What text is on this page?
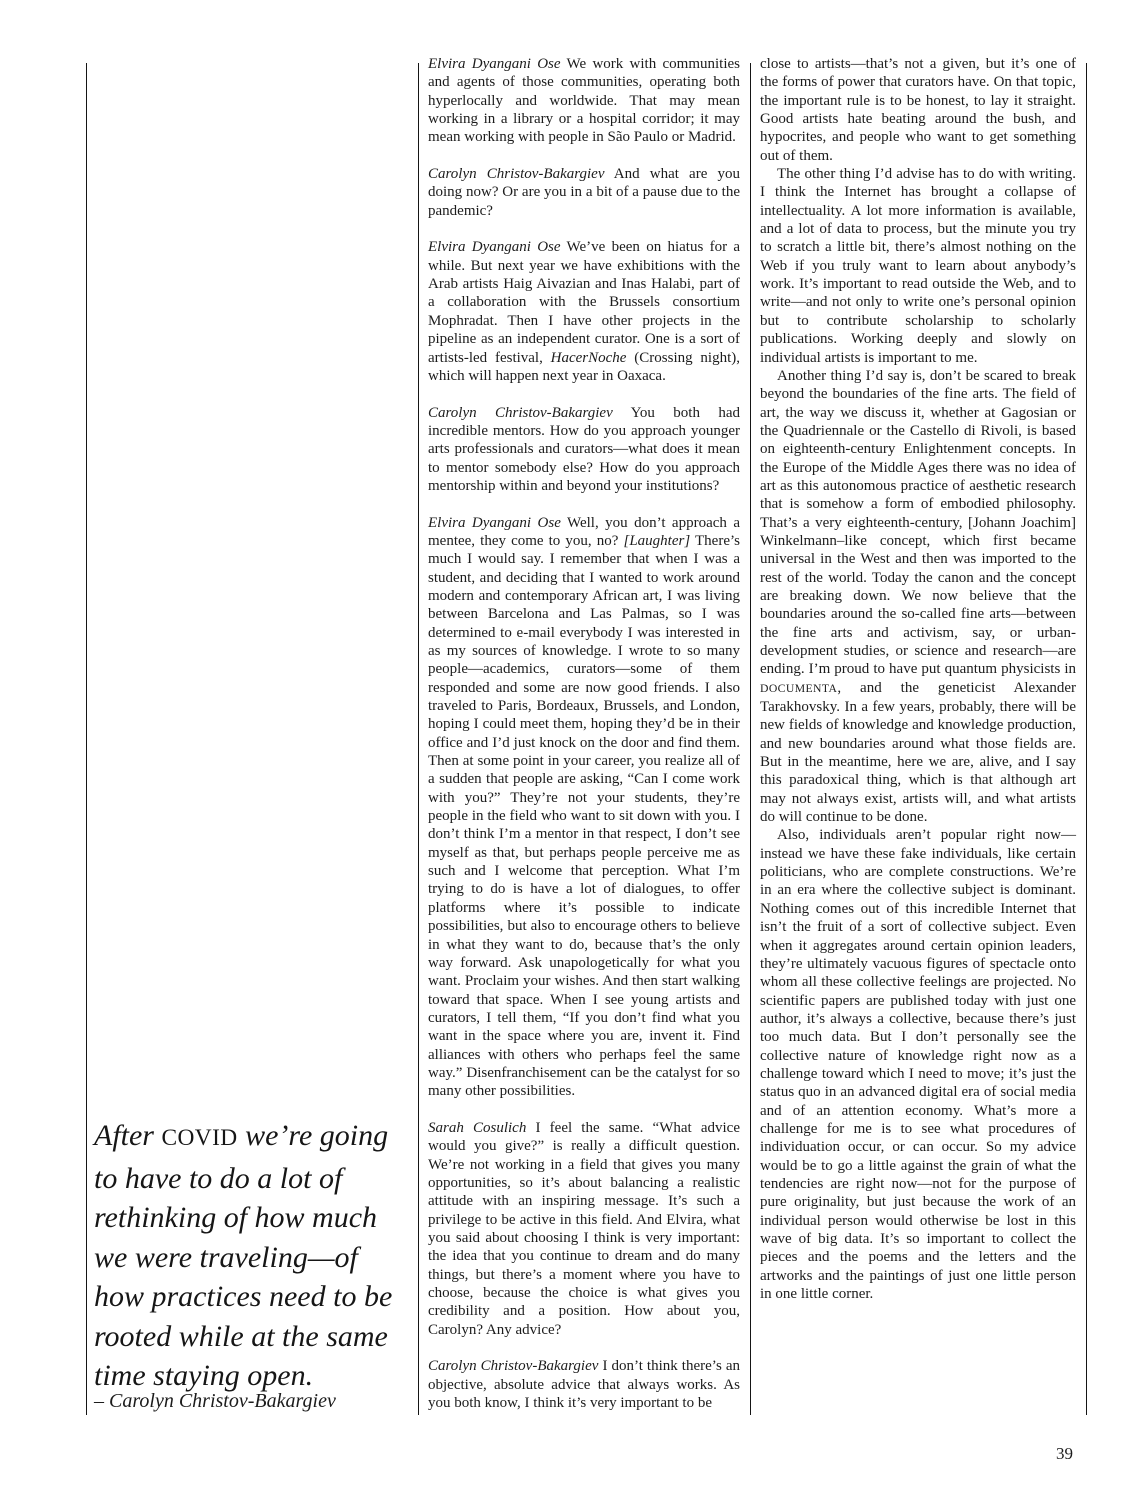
After COVID we’re going
to have to do a lot of
rethinking of how much
we were traveling—of
how practices need to be
rooted while at the same
time staying open.
– Carolyn Christov-Bakargiev

Elvira Dyangani Ose We work with communities and agents of those communities, operating both hyperlocally and worldwide. That may mean working in a library or a hospital corridor; it may mean working with people in São Paulo or Madrid.

Carolyn Christov-Bakargiev And what are you doing now? Or are you in a bit of a pause due to the pandemic?

Elvira Dyangani Ose We’ve been on hiatus for a while. But next year we have exhibitions with the Arab artists Haig Aivazian and Inas Halabi, part of a collaboration with the Brussels consortium Mophradat. Then I have other projects in the pipeline as an independent curator. One is a sort of artists-led festival, HacerNoche (Crossing night), which will happen next year in Oaxaca.

Carolyn Christov-Bakargiev You both had incredible mentors. How do you approach younger arts professionals and curators—what does it mean to mentor somebody else? How do you approach mentorship within and beyond your institutions?

Elvira Dyangani Ose Well, you don’t approach a mentee, they come to you, no? [Laughter] There’s much I would say. I remember that when I was a student, and deciding that I wanted to work around modern and contemporary African art, I was living between Barcelona and Las Palmas, so I was determined to e-mail everybody I was interested in as my sources of knowledge. I wrote to so many people—academics, curators—some of them responded and some are now good friends. I also traveled to Paris, Bordeaux, Brussels, and London, hoping I could meet them, hoping they’d be in their office and I’d just knock on the door and find them. Then at some point in your career, you realize all of a sudden that people are asking, “Can I come work with you?” They’re not your students, they’re people in the field who want to sit down with you. I don’t think I’m a mentor in that respect, I don’t see myself as that, but perhaps people perceive me as such and I welcome that perception. What I’m trying to do is have a lot of dialogues, to offer platforms where it’s possible to indicate possibilities, but also to encourage others to believe in what they want to do, because that’s the only way forward. Ask unapologetically for what you want. Proclaim your wishes. And then start walking toward that space. When I see young artists and curators, I tell them, “If you don’t find what you want in the space where you are, invent it. Find alliances with others who perhaps feel the same way.” Disenfranchisement can be the catalyst for so many other possibilities.

Sarah Cosulich I feel the same. “What advice would you give?” is really a difficult question. We’re not working in a field that gives you many opportunities, so it’s about balancing a realistic attitude with an inspiring message. It’s such a privilege to be active in this field. And Elvira, what you said about choosing I think is very important: the idea that you continue to dream and do many things, but there’s a moment where you have to choose, because the choice is what gives you credibility and a position. How about you, Carolyn? Any advice?

Carolyn Christov-Bakargiev I don’t think there’s an objective, absolute advice that always works. As you both know, I think it’s very important to be

close to artists—that’s not a given, but it’s one of the forms of power that curators have. On that topic, the important rule is to be honest, to lay it straight. Good artists hate beating around the bush, and hypocrites, and people who want to get something out of them.

The other thing I’d advise has to do with writing. I think the Internet has brought a collapse of intellectuality. A lot more information is available, and a lot of data to process, but the minute you try to scratch a little bit, there’s almost nothing on the Web if you truly want to learn about anybody’s work. It’s important to read outside the Web, and to write—and not only to write one’s personal opinion but to contribute scholarship to scholarly publications. Working deeply and slowly on individual artists is important to me.

Another thing I’d say is, don’t be scared to break beyond the boundaries of the fine arts. The field of art, the way we discuss it, whether at Gagosian or the Quadriennale or the Castello di Rivoli, is based on eighteenth-century Enlightenment concepts. In the Europe of the Middle Ages there was no idea of art as this autonomous practice of aesthetic research that is somehow a form of embodied philosophy. That’s a very eighteenth-century, [Johann Joachim] Winkelmann–like concept, which first became universal in the West and then was imported to the rest of the world. Today the canon and the concept are breaking down. We now believe that the boundaries around the so-called fine arts—between the fine arts and activism, say, or urban-development studies, or science and research—are ending. I’m proud to have put quantum physicists in DOCUMENTA, and the geneticist Alexander Tarakhovsky. In a few years, probably, there will be new fields of knowledge and knowledge production, and new boundaries around what those fields are. But in the meantime, here we are, alive, and I say this paradoxical thing, which is that although art may not always exist, artists will, and what artists do will continue to be done.

Also, individuals aren’t popular right now—instead we have these fake individuals, like certain politicians, who are complete constructions. We’re in an era where the collective subject is dominant. Nothing comes out of this incredible Internet that isn’t the fruit of a sort of collective subject. Even when it aggregates around certain opinion leaders, they’re ultimately vacuous figures of spectacle onto whom all these collective feelings are projected. No scientific papers are published today with just one author, it’s always a collective, because there’s just too much data. But I don’t personally see the collective nature of knowledge right now as a challenge toward which I need to move; it’s just the status quo in an advanced digital era of social media and of an attention economy. What’s more a challenge for me is to see what procedures of individuation occur, or can occur. So my advice would be to go a little against the grain of what the tendencies are right now—not for the purpose of pure originality, but just because the work of an individual person would otherwise be lost in this wave of big data. It’s so important to collect the pieces and the poems and the letters and the artworks and the paintings of just one little person in one little corner.

39
